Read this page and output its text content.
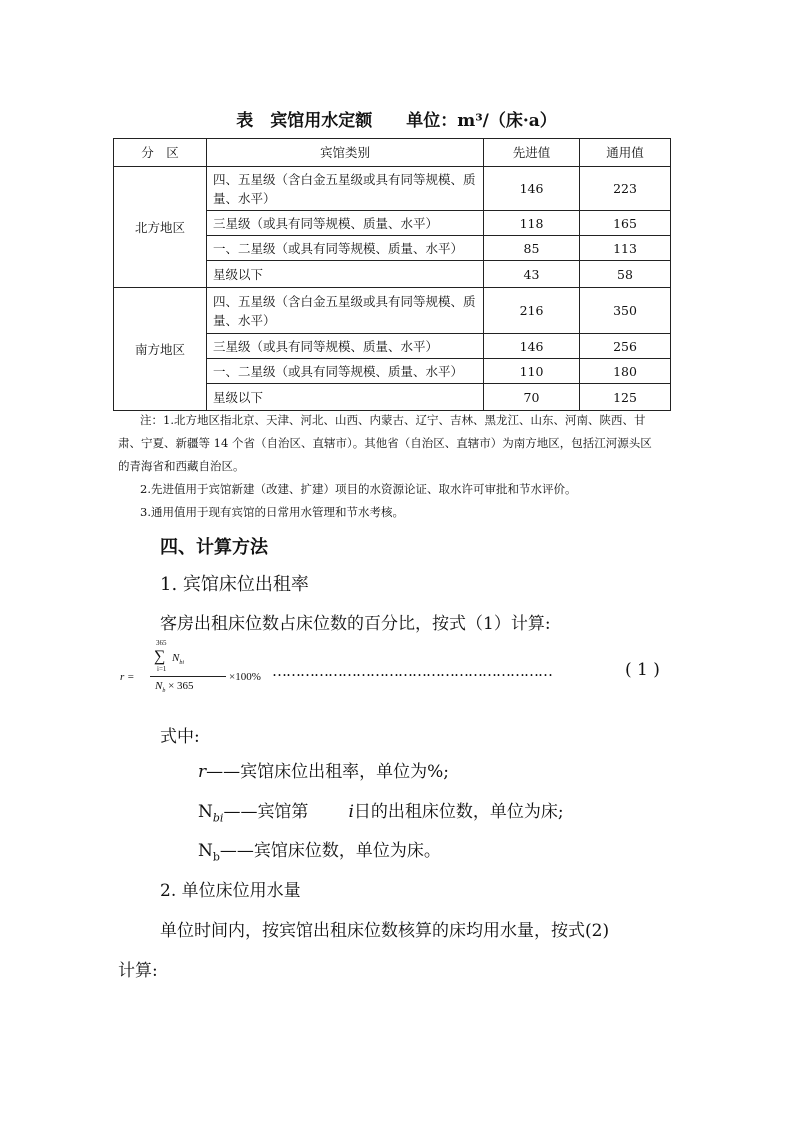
表　宾馆用水定额　　单位：m³/（床·a）
分　区	宾馆类别	先进值	通用值
北方地区	四、五星级（含白金五星级或具有同等规模、质量、水平）	146	223
	三星级（或具有同等规模、质量、水平）	118	165
	一、二星级（或具有同等规模、质量、水平）	85	113
	星级以下	43	58
南方地区	四、五星级（含白金五星级或具有同等规模、质量、水平）	216	350
	三星级（或具有同等规模、质量、水平）	146	256
	一、二星级（或具有同等规模、质量、水平）	110	180
	星级以下	70	125
注：1.北方地区指北京、天津、河北、山西、内蒙古、辽宁、吉林、黑龙江、山东、河南、陕西、甘
肃、宁夏、新疆等 14 个省（自治区、直辖市）。其他省（自治区、直辖市）为南方地区，包括江河源头区
的青海省和西藏自治区。
2.先进值用于宾馆新建（改建、扩建）项目的水资源论证、取水许可审批和节水评价。
3.通用值用于现有宾馆的日常用水管理和节水考核。
四、计算方法
1. 宾馆床位出租率
客房出租床位数占床位数的百分比，按式（1）计算:
r =
365
∑
i=1
$N_{bi}$
$N_b \times 365$
×100% ……………………………………………………	( 1 )
式中:
r——宾馆床位出租率，单位为%;
$N_{bi}——$宾馆第 i日的出租床位数，单位为床;
$N_b——$宾馆床位数，单位为床。
2. 单位床位用水量
单位时间内，按宾馆出租床位数核算的床均用水量，按式(2)
计算:
